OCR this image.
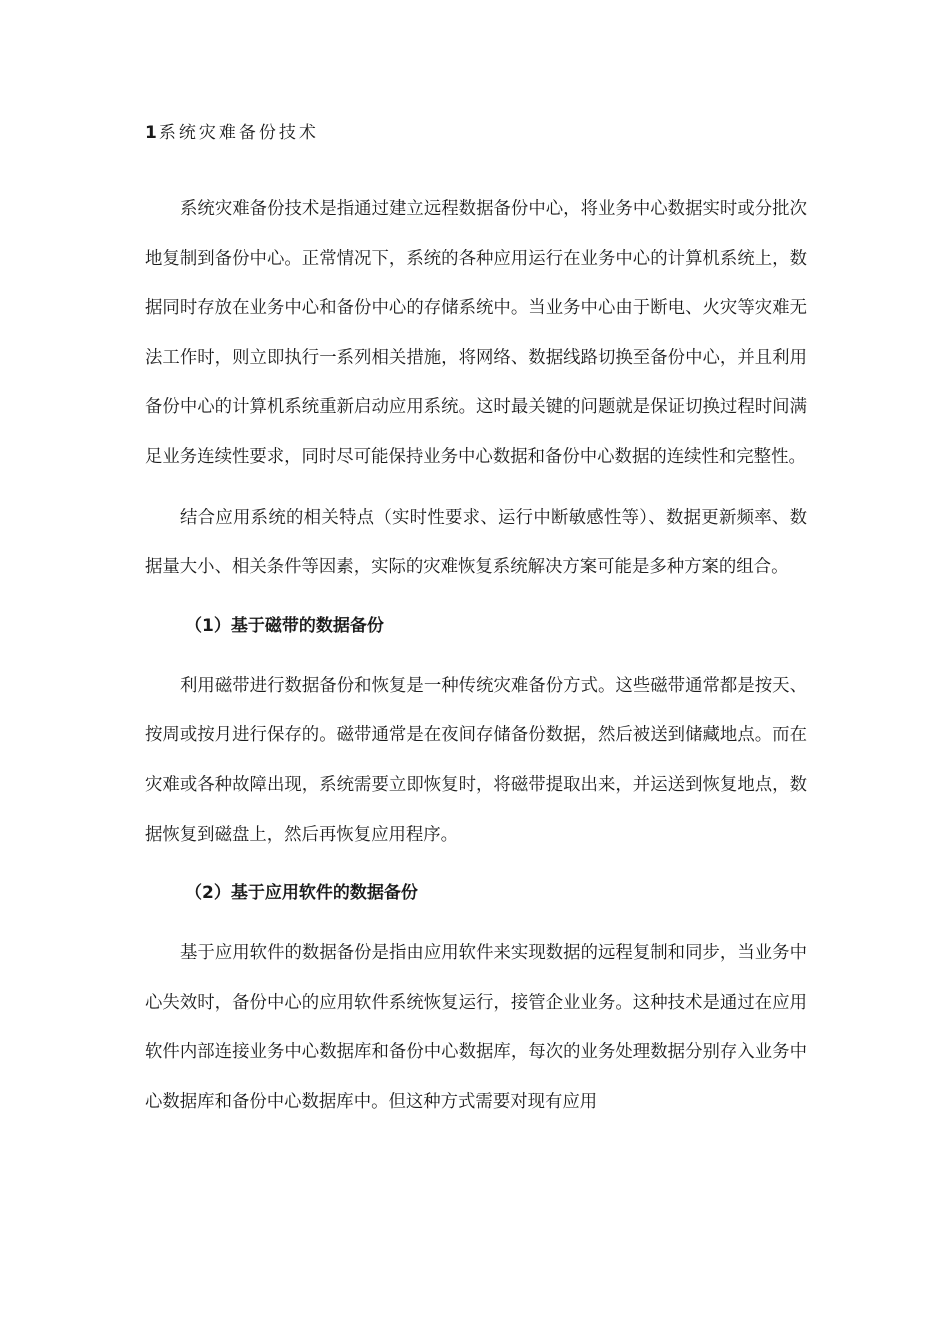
1 系统灾难备份技术

系统灾难备份技术是指通过建立远程数据备份中心，将业务中心数据实时或分批次地复制到备份中心。正常情况下，系统的各种应用运行在业务中心的计算机系统上，数据同时存放在业务中心和备份中心的存储系统中。当业务中心由于断电、火灾等灾难无法工作时，则立即执行一系列相关措施，将网络、数据线路切换至备份中心，并且利用备份中心的计算机系统重新启动应用系统。这时最关键的问题就是保证切换过程时间满足业务连续性要求，同时尽可能保持业务中心数据和备份中心数据的连续性和完整性。

结合应用系统的相关特点（实时性要求、运行中断敏感性等）、数据更新频率、数据量大小、相关条件等因素，实际的灾难恢复系统解决方案可能是多种方案的组合。

（1）基于磁带的数据备份

利用磁带进行数据备份和恢复是一种传统灾难备份方式。这些磁带通常都是按天、按周或按月进行保存的。磁带通常是在夜间存储备份数据，然后被送到储藏地点。而在灾难或各种故障出现，系统需要立即恢复时，将磁带提取出来，并运送到恢复地点，数据恢复到磁盘上，然后再恢复应用程序。

（2）基于应用软件的数据备份

基于应用软件的数据备份是指由应用软件来实现数据的远程复制和同步，当业务中心失效时，备份中心的应用软件系统恢复运行，接管企业业务。这种技术是通过在应用软件内部连接业务中心数据库和备份中心数据库，每次的业务处理数据分别存入业务中心数据库和备份中心数据库中。但这种方式需要对现有应用
